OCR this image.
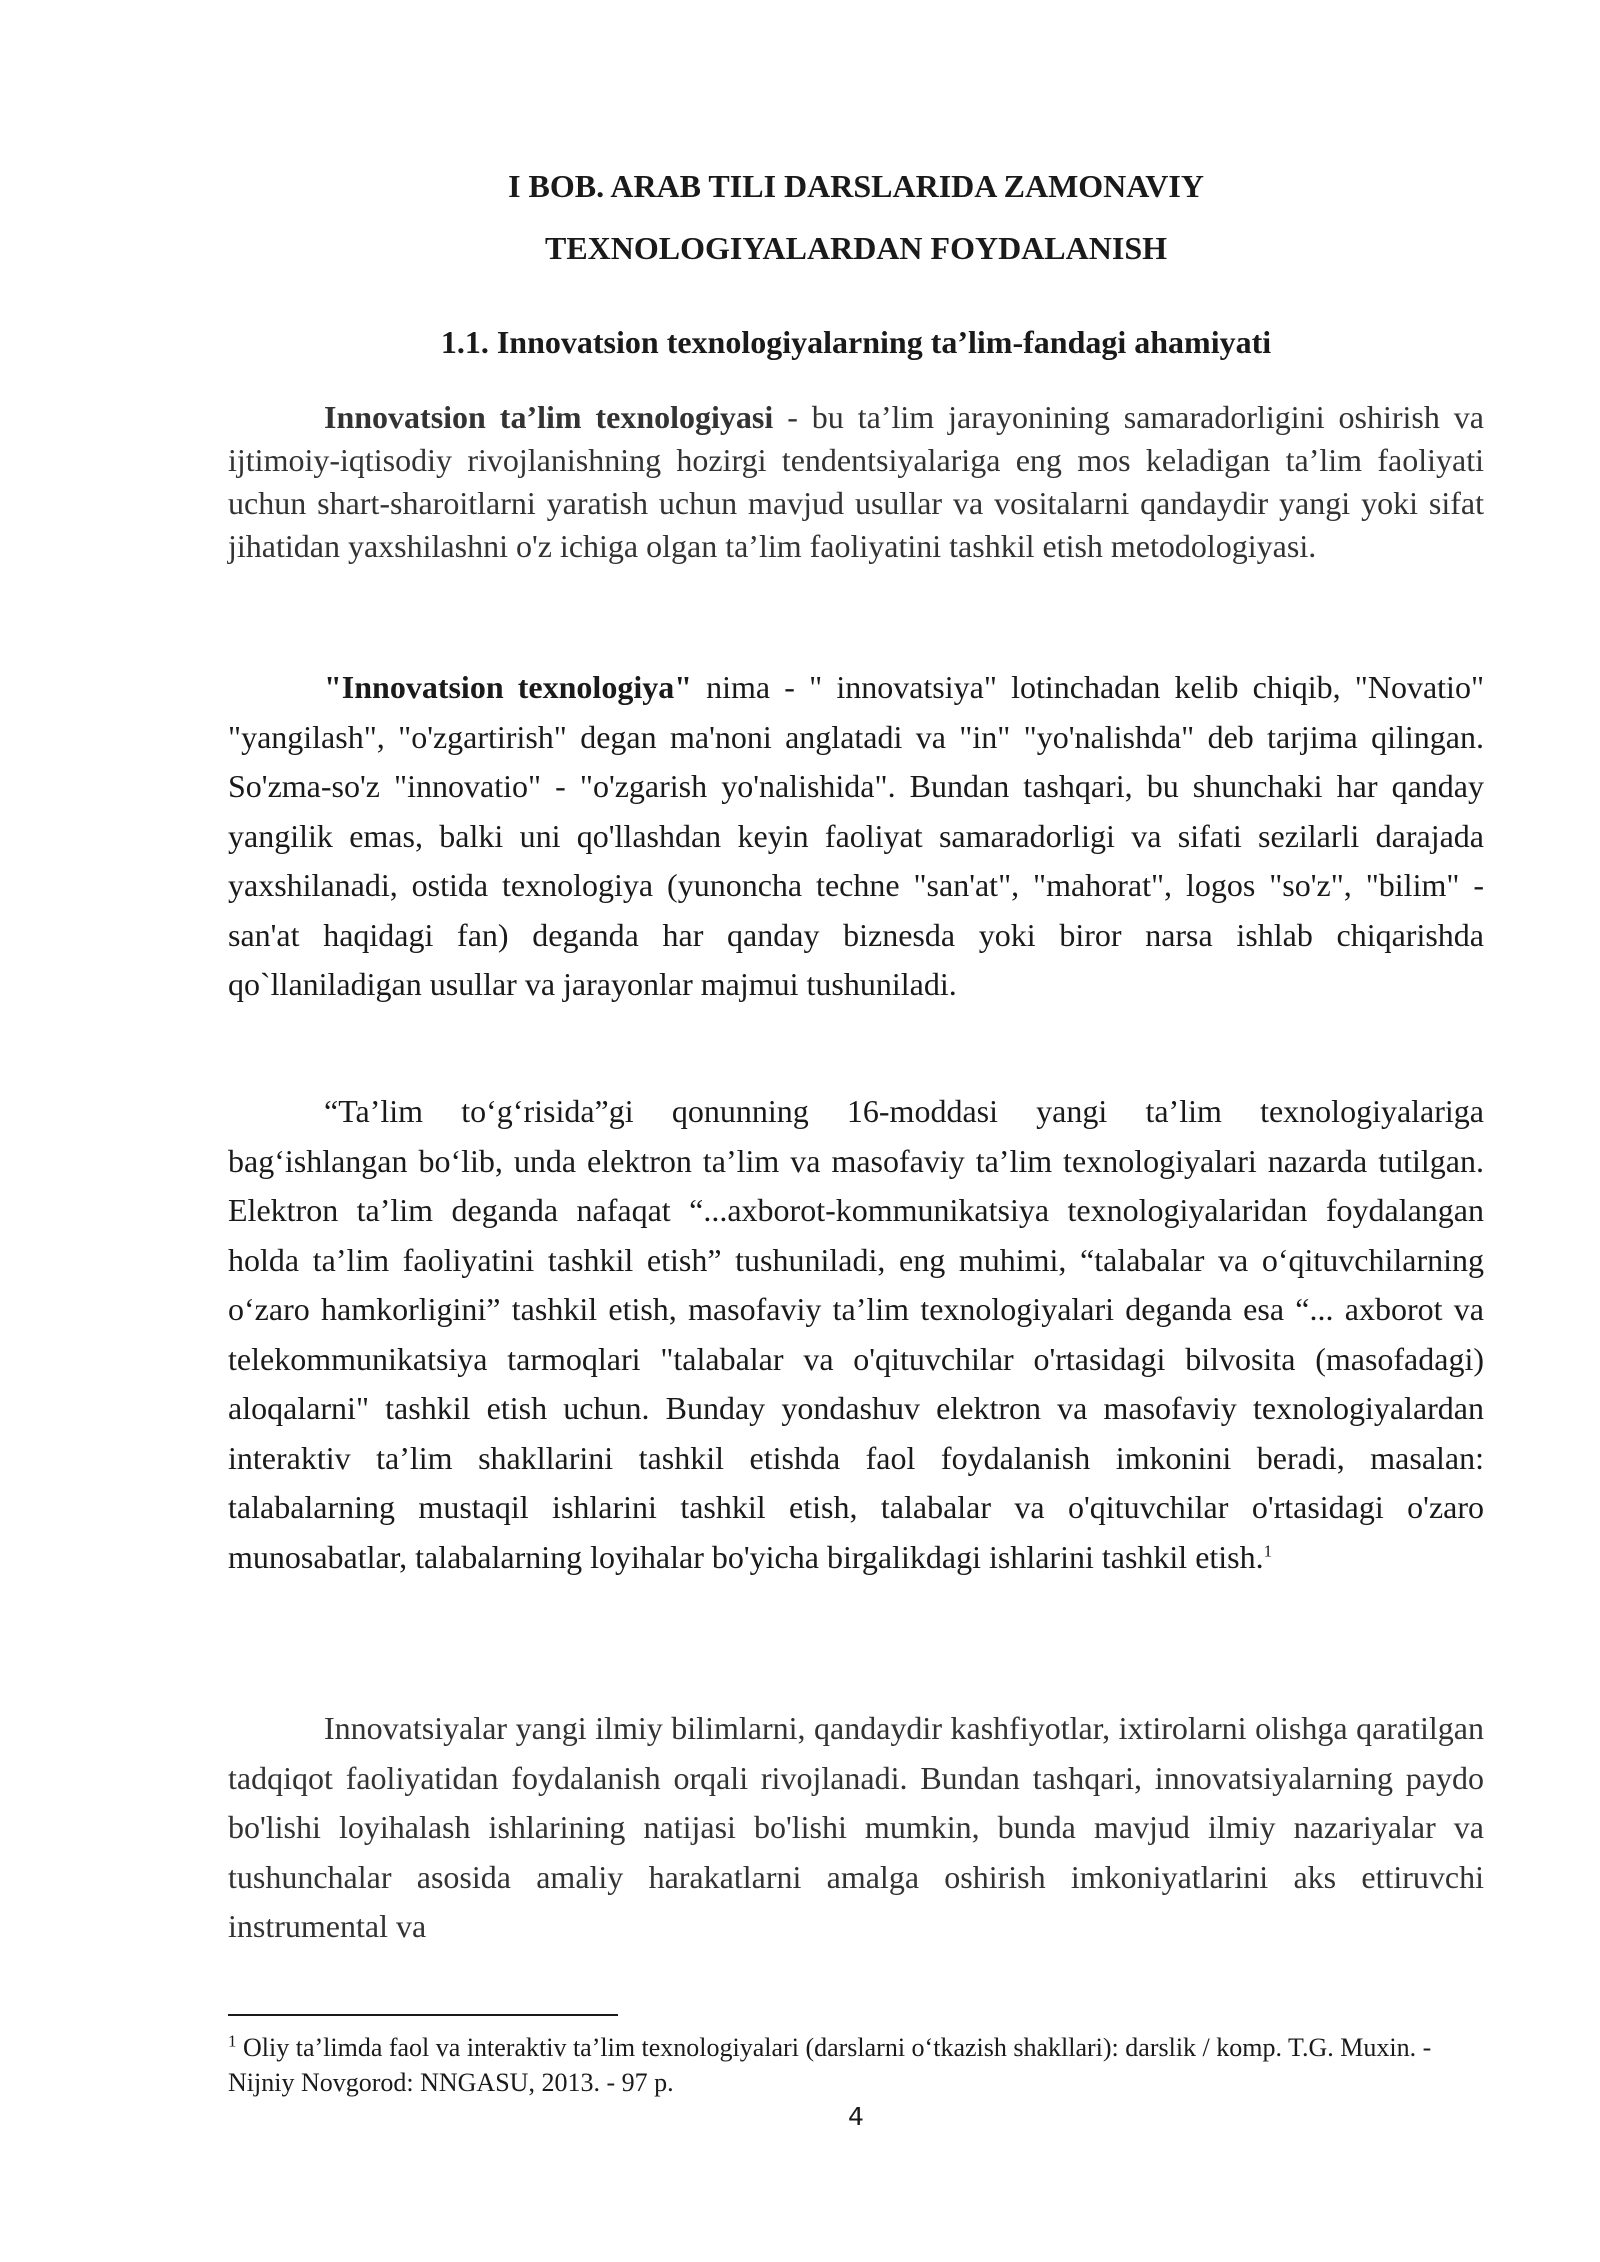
I BOB. ARAB TILI DARSLARIDA ZAMONAVIY
TEXNOLOGIYALARDAN FOYDALANISH
1.1. Innovatsion texnologiyalarning ta’lim-fandagi ahamiyati

Innovatsion ta’lim texnologiyasi - bu ta’lim jarayonining samaradorligini oshirish va ijtimoiy-iqtisodiy rivojlanishning hozirgi tendentsiyalariga eng mos keladigan ta’lim faoliyati uchun shart-sharoitlarni yaratish uchun mavjud usullar va vositalarni qandaydir yangi yoki sifat jihatidan yaxshilashni o'z ichiga olgan ta’lim faoliyatini tashkil etish metodologiyasi.

"Innovatsion texnologiya" nima - " innovatsiya" lotinchadan kelib chiqib, "Novatio" "yangilash", "o'zgartirish" degan ma'noni anglatadi va "in" "yo'nalishda" deb tarjima qilingan. So'zma-so'z "innovatio" - "o'zgarish yo'nalishida". Bundan tashqari, bu shunchaki har qanday yangilik emas, balki uni qo'llashdan keyin faoliyat samaradorligi va sifati sezilarli darajada yaxshilanadi, ostida texnologiya (yunoncha techne "san'at", "mahorat", logos "so'z", "bilim" - san'at haqidagi fan) deganda har qanday biznesda yoki biror narsa ishlab chiqarishda qo`llaniladigan usullar va jarayonlar majmui tushuniladi.

“Ta’lim to‘g‘risida”gi qonunning 16-moddasi yangi ta’lim texnologiyalariga bag‘ishlangan bo‘lib, unda elektron ta’lim va masofaviy ta’lim texnologiyalari nazarda tutilgan. Elektron ta’lim deganda nafaqat “...axborot-kommunikatsiya texnologiyalaridan foydalangan holda ta’lim faoliyatini tashkil etish” tushuniladi, eng muhimi, “talabalar va o‘qituvchilarning o‘zaro hamkorligini” tashkil etish, masofaviy ta’lim texnologiyalari deganda esa “... axborot va telekommunikatsiya tarmoqlari "talabalar va o'qituvchilar o'rtasidagi bilvosita (masofadagi) aloqalarni" tashkil etish uchun. Bunday yondashuv elektron va masofaviy texnologiyalardan interaktiv ta’lim shakllarini tashkil etishda faol foydalanish imkonini beradi, masalan: talabalarning mustaqil ishlarini tashkil etish, talabalar va o'qituvchilar o'rtasidagi o'zaro munosabatlar, talabalarning loyihalar bo'yicha birgalikdagi ishlarini tashkil etish.$^1$

Innovatsiyalar yangi ilmiy bilimlarni, qandaydir kashfiyotlar, ixtirolarni olishga qaratilgan tadqiqot faoliyatidan foydalanish orqali rivojlanadi. Bundan tashqari, innovatsiyalarning paydo bo'lishi loyihalash ishlarining natijasi bo'lishi mumkin, bunda mavjud ilmiy nazariyalar va tushunchalar asosida amaliy harakatlarni amalga oshirish imkoniyatlarini aks ettiruvchi instrumental va

$^1$ Oliy ta’limda faol va interaktiv ta’lim texnologiyalari (darslarni o‘tkazish shakllari): darslik / komp. T.G. Muxin. - Nijniy Novgorod: NNGASU, 2013. - 97 p.

4
